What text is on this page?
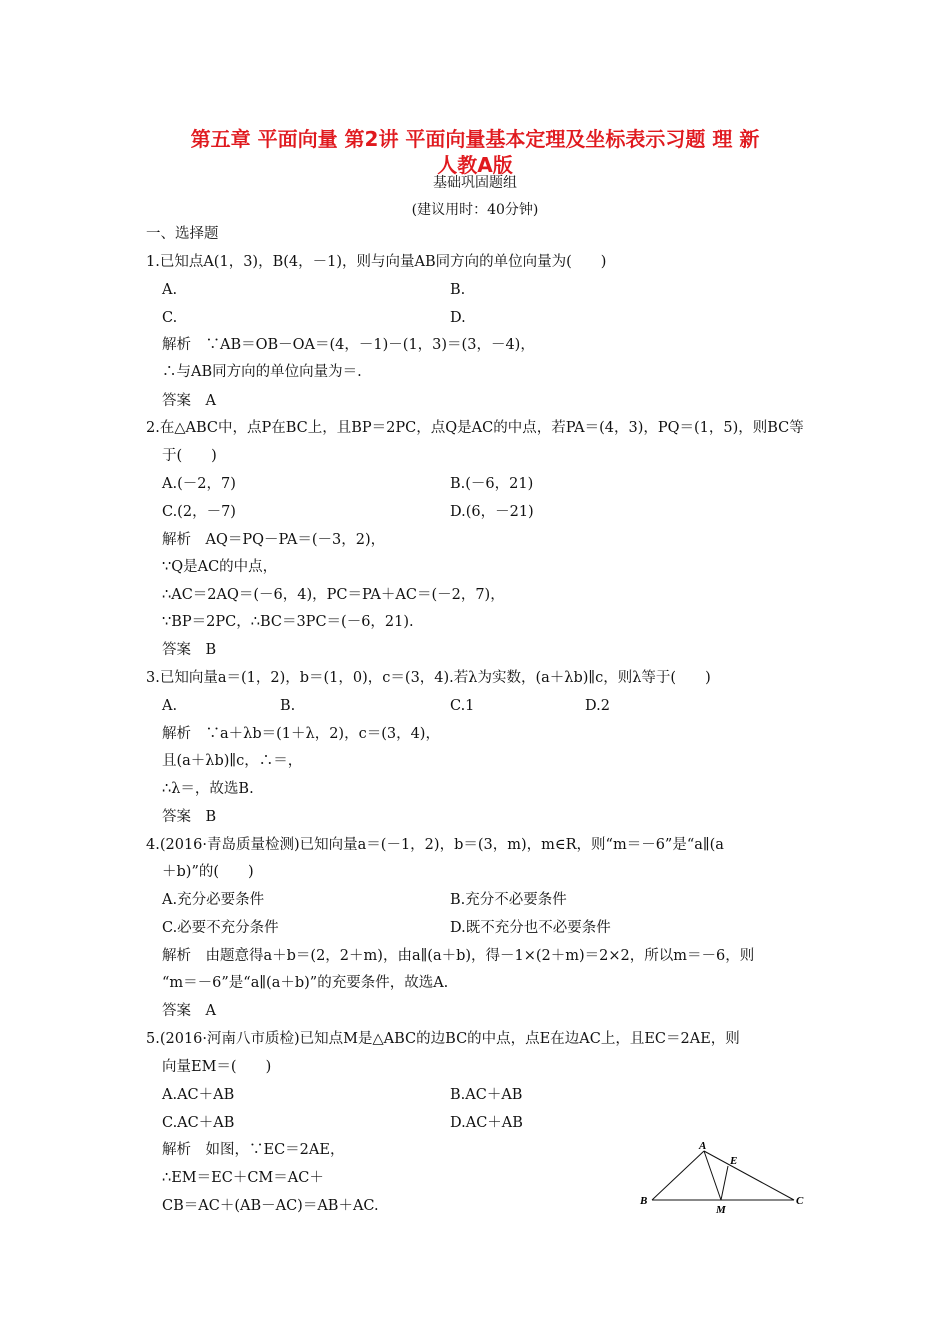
第五章 平面向量 第2讲 平面向量基本定理及坐标表示习题 理 新
人教A版
基础巩固题组
(建议用时：40分钟)
一、选择题
1.已知点A(1，3)，B(4，－1)，则与向量AB同方向的单位向量为(　　)
A.	B.
C.	D.
解析　∵AB＝OB－OA＝(4，－1)－(1，3)＝(3，－4)，
∴与AB同方向的单位向量为＝.
答案　A
2.在△ABC中，点P在BC上，且BP＝2PC，点Q是AC的中点，若PA＝(4，3)，PQ＝(1，5)，则BC等
于(　　)
A.(－2，7)	B.(－6，21)
C.(2，－7)	D.(6，－21)
解析　AQ＝PQ－PA＝(－3，2)，
∵Q是AC的中点，
∴AC＝2AQ＝(－6，4)，PC＝PA＋AC＝(－2，7)，
∵BP＝2PC，∴BC＝3PC＝(－6，21).
答案　B
3.已知向量a＝(1，2)，b＝(1，0)，c＝(3，4).若λ为实数，(a＋λb)∥c，则λ等于(　　)
A.	B.	C.1	D.2
解析　∵a＋λb＝(1＋λ，2)，c＝(3，4)，
且(a＋λb)∥c，∴＝，
∴λ＝，故选B.
答案　B
4.(2016·青岛质量检测)已知向量a＝(－1，2)，b＝(3，m)，m∈R，则“m＝－6”是“a∥(a
＋b)”的(　　)
A.充分必要条件	B.充分不必要条件
C.必要不充分条件	D.既不充分也不必要条件
解析　由题意得a＋b＝(2，2＋m)，由a∥(a＋b)，得－1×(2＋m)＝2×2，所以m＝－6，则
“m＝－6”是“a∥(a＋b)”的充要条件，故选A.
答案　A
5.(2016·河南八市质检)已知点M是△ABC的边BC的中点，点E在边AC上，且EC＝2AE，则
向量EM＝(　　)
A.AC＋AB	B.AC＋AB
C.AC＋AB	D.AC＋AB
解析　如图，∵EC＝2AE，
∴EM＝EC＋CM＝AC＋
CB＝AC＋(AB－AC)＝AB＋AC.
A
B	C
E
M
